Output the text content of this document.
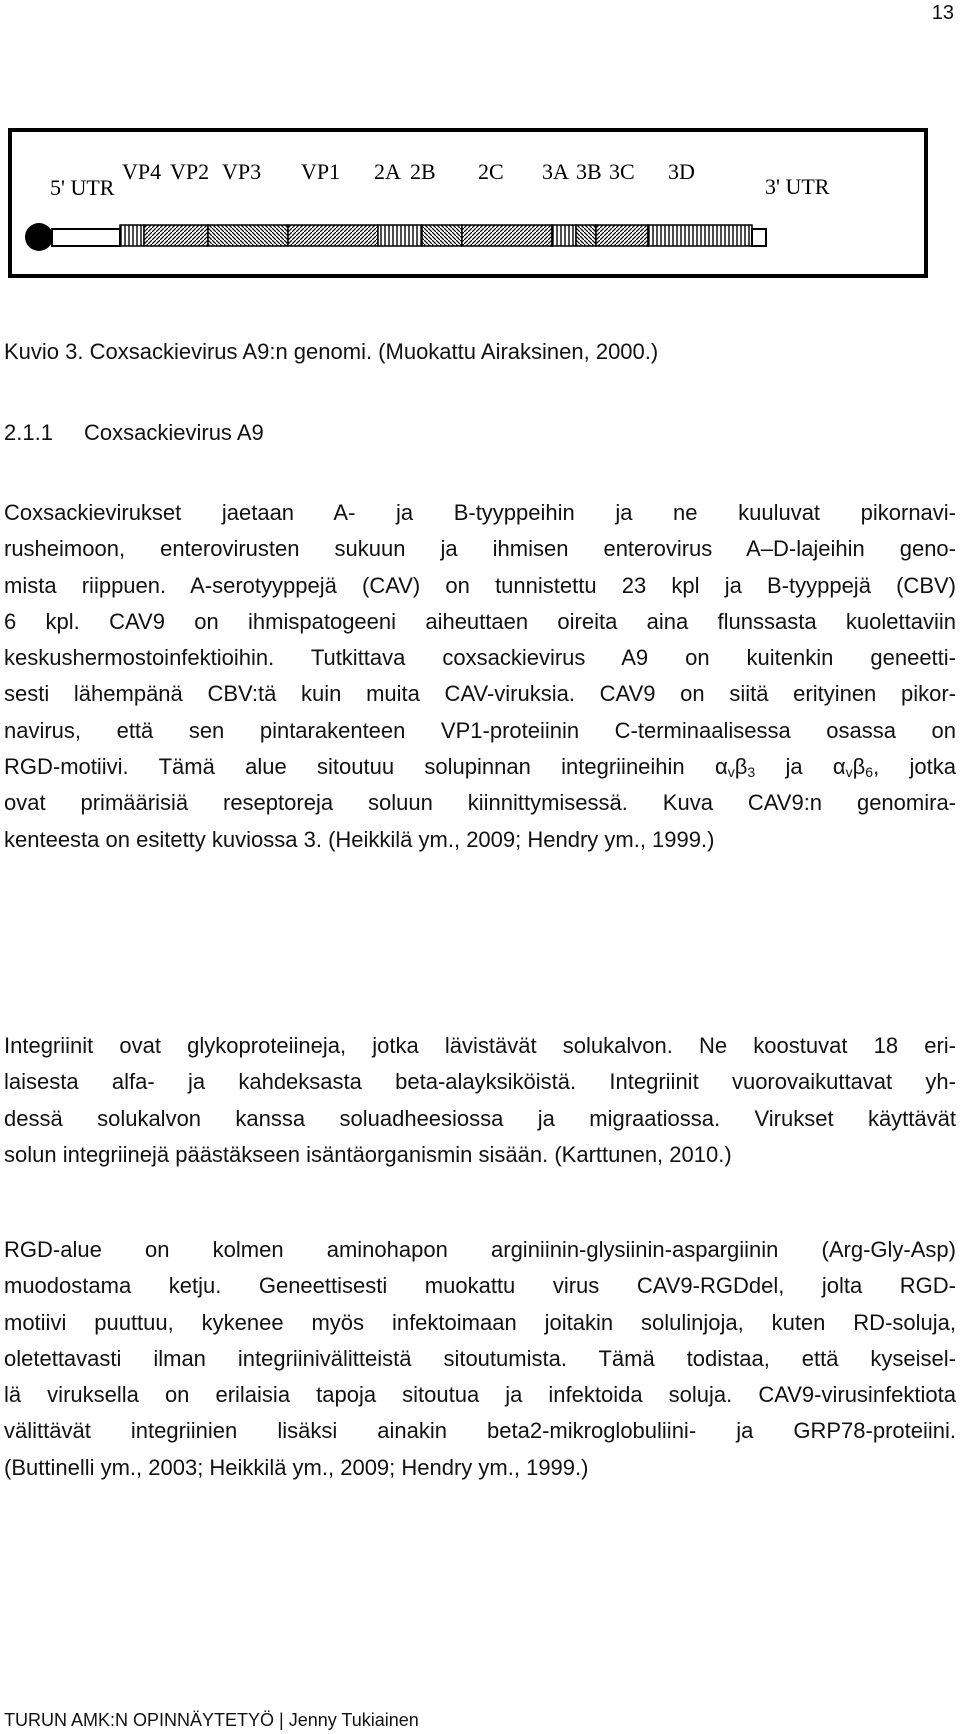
13
5' UTR
VP4 VP2 VP3 VP1 2A 2B 2C 3A 3B 3C 3D
3' UTR
Kuvio 3. Coxsackievirus A9:n genomi. (Muokattu Airaksinen, 2000.)
2.1.1 Coxsackievirus A9
Coxsackievirukset jaetaan A- ja B-tyyppeihin ja ne kuuluvat pikornavi-
rusheimoon, enterovirusten sukuun ja ihmisen enterovirus A–D-lajeihin geno-
mista riippuen. A-serotyyppejä (CAV) on tunnistettu 23 kpl ja B-tyyppejä (CBV)
6 kpl. CAV9 on ihmispatogeeni aiheuttaen oireita aina flunssasta kuolettaviin
keskushermostoinfektioihin. Tutkittava coxsackievirus A9 on kuitenkin geneetti-
sesti lähempänä CBV:tä kuin muita CAV-viruksia. CAV9 on siitä erityinen pikor-
navirus, että sen pintarakenteen VP1-proteiinin C-terminaalisessa osassa on
RGD-motiivi. Tämä alue sitoutuu solupinnan integriineihin $\alpha_v\beta_3$ ja $\alpha_v\beta_6$, jotka
ovat primäärisiä reseptoreja soluun kiinnittymisessä. Kuva CAV9:n genomira-
kenteesta on esitetty kuviossa 3. (Heikkilä ym., 2009; Hendry ym., 1999.)
Integriinit ovat glykoproteiineja, jotka lävistävät solukalvon. Ne koostuvat 18 eri-
laisesta alfa- ja kahdeksasta beta-alayksiköistä. Integriinit vuorovaikuttavat yh-
dessä solukalvon kanssa soluadheesiossa ja migraatiossa. Virukset käyttävät
solun integriinejä päästäkseen isäntäorganismin sisään. (Karttunen, 2010.)
RGD-alue on kolmen aminohapon arginiinin-glysiinin-aspargiinin (Arg-Gly-Asp)
muodostama ketju. Geneettisesti muokattu virus CAV9-RGDdel, jolta RGD-
motiivi puuttuu, kykenee myös infektoimaan joitakin solulinjoja, kuten RD-soluja,
oletettavasti ilman integriinivälitteistä sitoutumista. Tämä todistaa, että kyseisel-
lä viruksella on erilaisia tapoja sitoutua ja infektoida soluja. CAV9-virusinfektiota
välittävät integriinien lisäksi ainakin beta2-mikroglobuliini- ja GRP78-proteiini.
(Buttinelli ym., 2003; Heikkilä ym., 2009; Hendry ym., 1999.)
TURUN AMK:N OPINNÄYTETYÖ | Jenny Tukiainen
